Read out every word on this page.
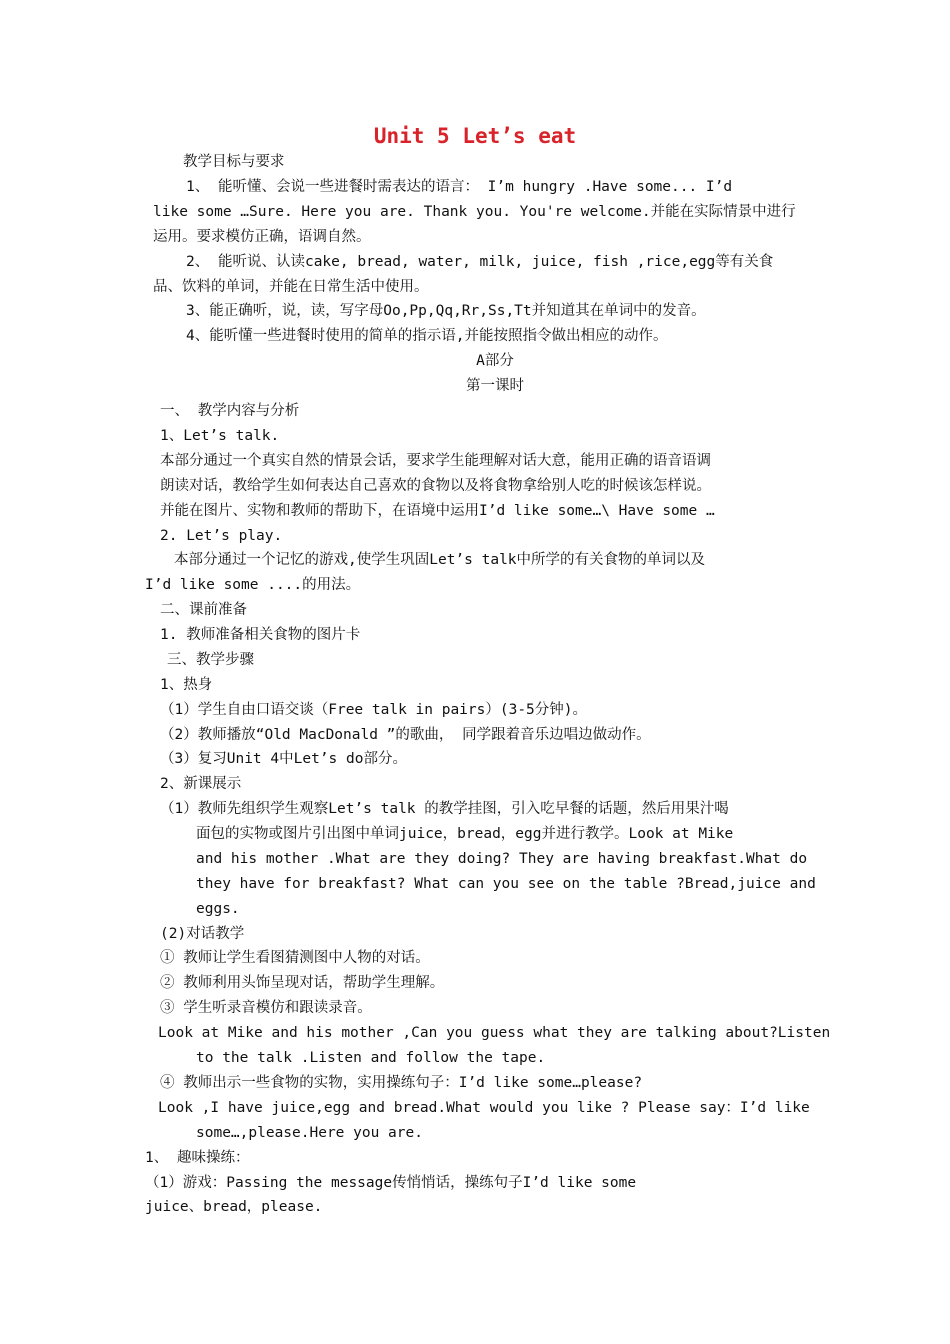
Unit 5 Let’s eat
教学目标与要求
1、 能听懂、会说一些进餐时需表达的语言： I’m hungry .Have some... I’d
like some …Sure. Here you are. Thank you. You're welcome.并能在实际情景中进行
运用。要求模仿正确，语调自然。
2、 能听说、认读cake, bread, water, milk, juice, fish ,rice,egg等有关食
品、饮料的单词，并能在日常生活中使用。
3、能正确听，说，读，写字母Oo,Pp,Qq,Rr,Ss,Tt并知道其在单词中的发音。
4、能听懂一些进餐时使用的简单的指示语,并能按照指令做出相应的动作。
A部分
第一课时
一、 教学内容与分析
1、Let’s talk.
本部分通过一个真实自然的情景会话，要求学生能理解对话大意，能用正确的语音语调
朗读对话，教给学生如何表达自己喜欢的食物以及将食物拿给别人吃的时候该怎样说。
并能在图片、实物和教师的帮助下，在语境中运用I’d like some…\ Have some …
2. Let’s play.
本部分通过一个记忆的游戏,使学生巩固Let’s talk中所学的有关食物的单词以及
I’d like some ....的用法。
二、课前准备
1. 教师准备相关食物的图片卡
三、教学步骤
1、热身
（1）学生自由口语交谈（Free talk in pairs）(3-5分钟)。
（2）教师播放“Old MacDonald ”的歌曲， 同学跟着音乐边唱边做动作。
（3）复习Unit 4中Let’s do部分。
2、新课展示
（1）教师先组织学生观察Let’s talk 的教学挂图，引入吃早餐的话题，然后用果汁喝
面包的实物或图片引出图中单词juice，bread，egg并进行教学。Look at Mike
and his mother .What are they doing? They are having breakfast.What do
they have for breakfast? What can you see on the table ?Bread,juice and
eggs.
(2)对话教学
① 教师让学生看图猜测图中人物的对话。
② 教师利用头饰呈现对话，帮助学生理解。
③ 学生听录音模仿和跟读录音。
Look at Mike and his mother ,Can you guess what they are talking about?Listen
to the talk .Listen and follow the tape.
④ 教师出示一些食物的实物，实用操练句子：I’d like some…please?
Look ,I have juice,egg and bread.What would you like ? Please say：I’d like
some…,please.Here you are.
1、 趣味操练：
（1）游戏：Passing the message传悄悄话，操练句子I’d like some
juice、bread，please.
